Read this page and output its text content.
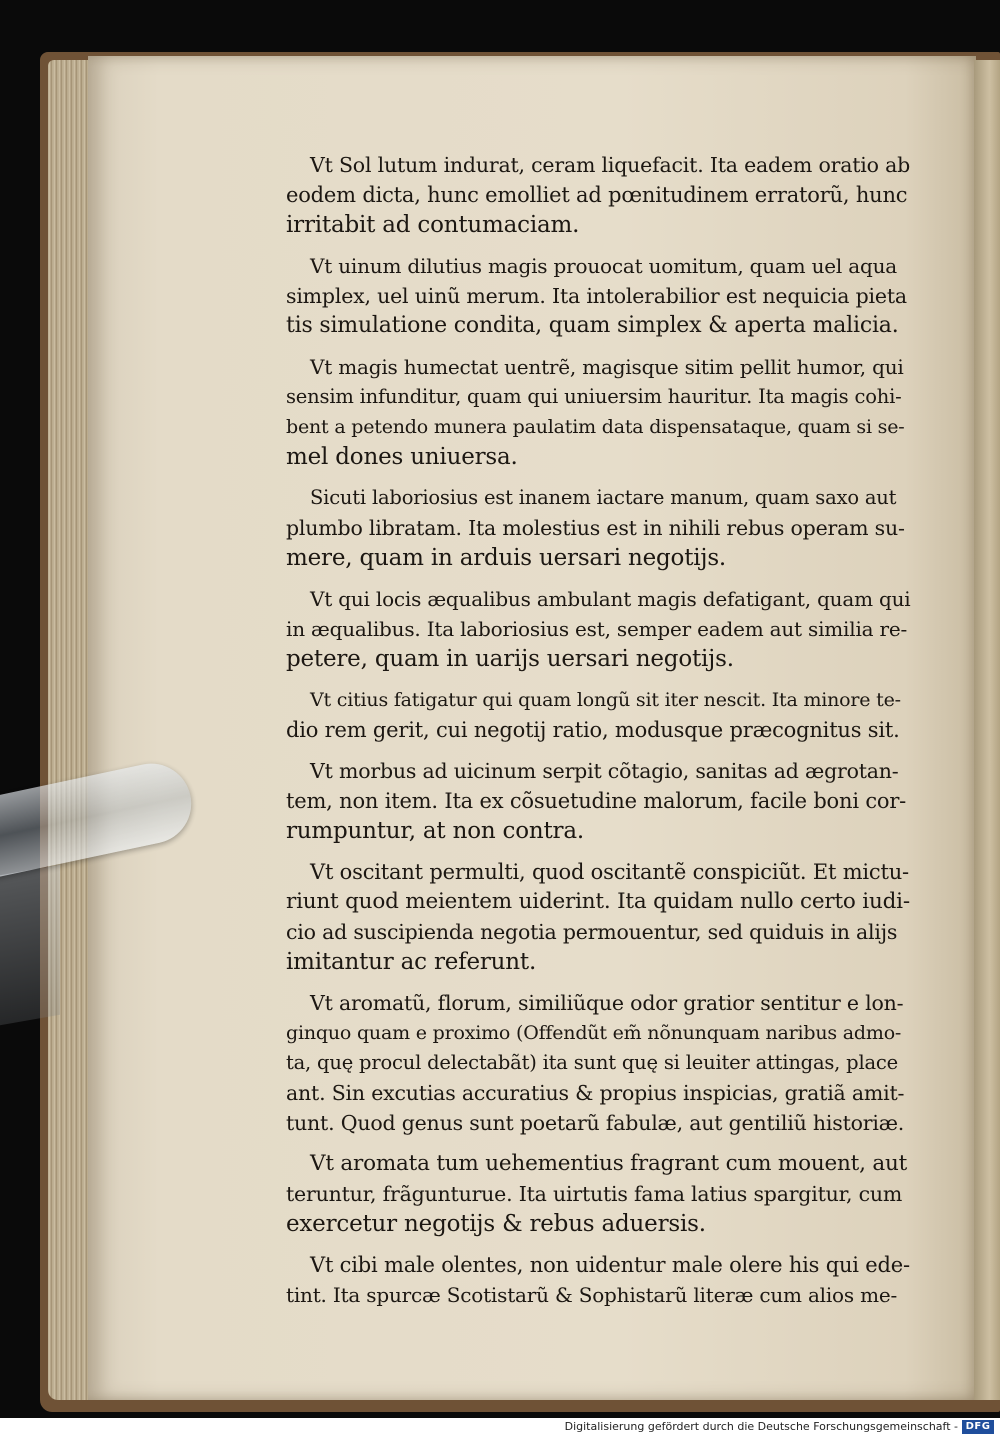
Vt Sol lutum indurat, ceram liquefacit. Ita eadem oratio ab
eodem dicta, hunc emolliet ad pœnitudinem erratorũ, hunc
irritabit ad contumaciam.

Vt uinum dilutius magis prouocat uomitum, quam uel aqua
simplex, uel uinũ merum. Ita intolerabilior est nequicia pieta
tis simulatione condita, quam simplex & aperta malicia.

Vt magis humectat uentrẽ, magisque sitim pellit humor, qui
sensim infunditur, quam qui uniuersim hauritur. Ita magis cohi-
bent a petendo munera paulatim data dispensataque, quam si se-
mel dones uniuersa.

Sicuti laboriosius est inanem iactare manum, quam saxo aut
plumbo libratam. Ita molestius est in nihili rebus operam su-
mere, quam in arduis uersari negotijs.

Vt qui locis æqualibus ambulant magis defatigant, quam qui
in æqualibus. Ita laboriosius est, semper eadem aut similia re-
petere, quam in uarijs uersari negotijs.

Vt citius fatigatur qui quam longũ sit iter nescit. Ita minore te-
dio rem gerit, cui negotij ratio, modusque præcognitus sit.

Vt morbus ad uicinum serpit cõtagio, sanitas ad ægrotan-
tem, non item. Ita ex cõsuetudine malorum, facile boni cor-
rumpuntur, at non contra.

Vt oscitant permulti, quod oscitantẽ conspiciũt. Et mictu-
riunt quod meientem uiderint. Ita quidam nullo certo iudi-
cio ad suscipienda negotia permouentur, sed quiduis in alijs
imitantur ac referunt.

Vt aromatũ, florum, similiũque odor gratior sentitur e lon-
ginquo quam e proximo (Offendũt em̃ nõnunquam naribus admo-
ta, quę procul delectabãt) ita sunt quę si leuiter attingas, place
ant. Sin excutias accuratius & propius inspicias, gratiã amit-
tunt. Quod genus sunt poetarũ fabulæ, aut gentiliũ historiæ.

Vt aromata tum uehementius fragrant cum mouent, aut
teruntur, frãgunturue. Ita uirtutis fama latius spargitur, cum
exercetur negotijs & rebus aduersis.

Vt cibi male olentes, non uidentur male olere his qui ede-
tint. Ita spurcæ Scotistarũ & Sophistarũ literæ cum alios me-

Digitalisierung gefördert durch die Deutsche Forschungsgemeinschaft - DFG
